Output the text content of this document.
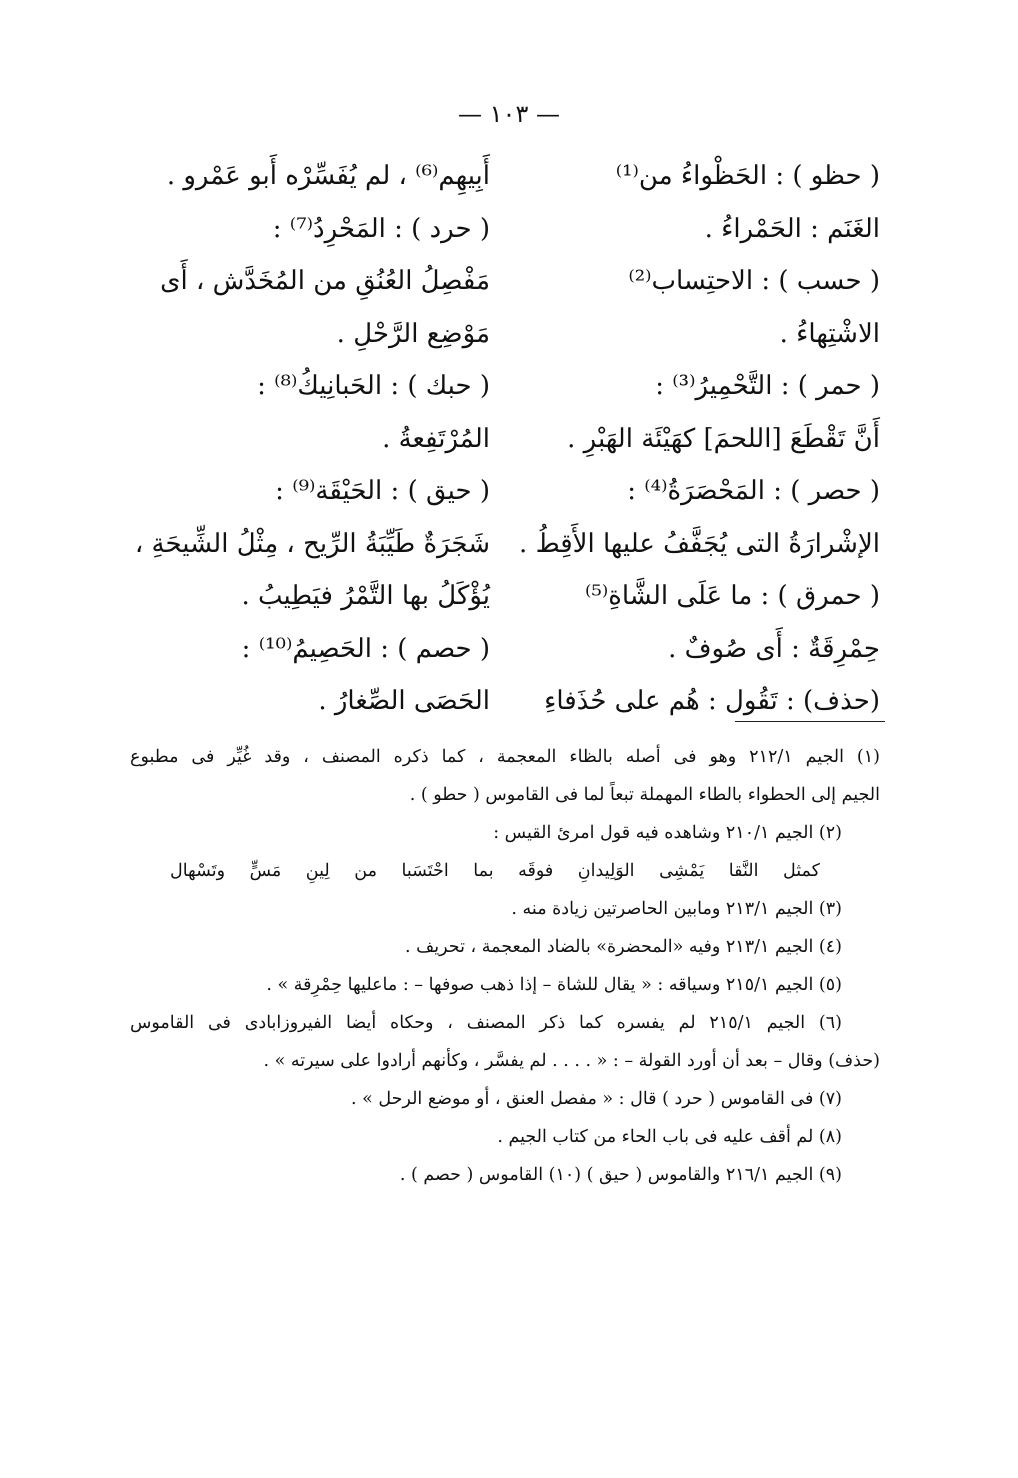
— ١٠٣ —
( حظو ) : الحَظْواءُ من⁽¹⁾
الغَنَم : الحَمْراءُ .
( حسب ) : الاحتِساب⁽²⁾
الاشْتِهاءُ .
( حمر ) : التَّحْمِيرُ⁽³⁾ :
أَنَّ تَقْطَعَ [اللحمَ] كهَيْئَة الهَبْرِ .
( حصر ) : المَحْصَرَةُ⁽⁴⁾ :
الإشْرارَةُ التى يُجَفَّفُ عليها الأَقِطُ .
( حمرق ) : ما عَلَى الشَّاةِ⁽⁵⁾
حِمْرِقَةٌ : أَى صُوفٌ .
(حذف) : تَقُول : هُم على حُذَفاءِ
أَبِيهِم⁽⁶⁾ ، لم يُفَسِّرْه أَبو عَمْرو .
( حرد ) : المَحْرِدُ⁽⁷⁾ :
مَفْصِلُ العُنُقِ من المُخَدَّش ، أَى
مَوْضِع الرَّحْلِ .
( حبك ) : الحَبانِيكُ⁽⁸⁾ :
المُرْتَفِعةُ .
( حيق ) : الحَيْقَة⁽⁹⁾ :
شَجَرَةٌ طَيِّبَةُ الرِّيح ، مِثْلُ الشِّيحَةِ ،
يُؤْكَلُ بها التَّمْرُ فيَطِيبُ .
( حصم ) : الحَصِيمُ⁽¹⁰⁾ :
الحَصَى الصِّغارُ .
(١) الجيم ٢١٢/١ وهو فى أصله بالظاء المعجمة ، كما ذكره المصنف ، وقد غُيِّر فى مطبوع
الجيم إلى الحطواء بالطاء المهملة تبعاً لما فى القاموس ( حطو ) .
(٢) الجيم ٢١٠/١ وشاهده فيه قول امرئ القيس :
كمثل النَّقا يَمْشِى الوَلِيدانِ فوقَه بما احْتَسَبا من لِينِ مَسٍّ وتَسْهال
(٣) الجيم ٢١٣/١ ومابين الحاصرتين زيادة منه .
(٤) الجيم ٢١٣/١ وفيه «المحضرة» بالضاد المعجمة ، تحريف .
(٥) الجيم ٢١٥/١ وسياقه : « يقال للشاة – إذا ذهب صوفها – : ماعليها حِمْرِقة » .
(٦) الجيم ٢١٥/١ لم يفسره كما ذكر المصنف ، وحكاه أيضا الفيروزابادى فى القاموس
(حذف) وقال – بعد أن أورد القولة – : « . . . . لم يفسَّر ، وكأنهم أرادوا على سيرته » .
(٧) فى القاموس ( حرد ) قال : « مفصل العنق ، أو موضع الرحل » .
(٨) لم أقف عليه فى باب الحاء من كتاب الجيم .
(٩) الجيم ٢١٦/١ والقاموس ( حيق ) (١٠) القاموس ( حصم ) .
